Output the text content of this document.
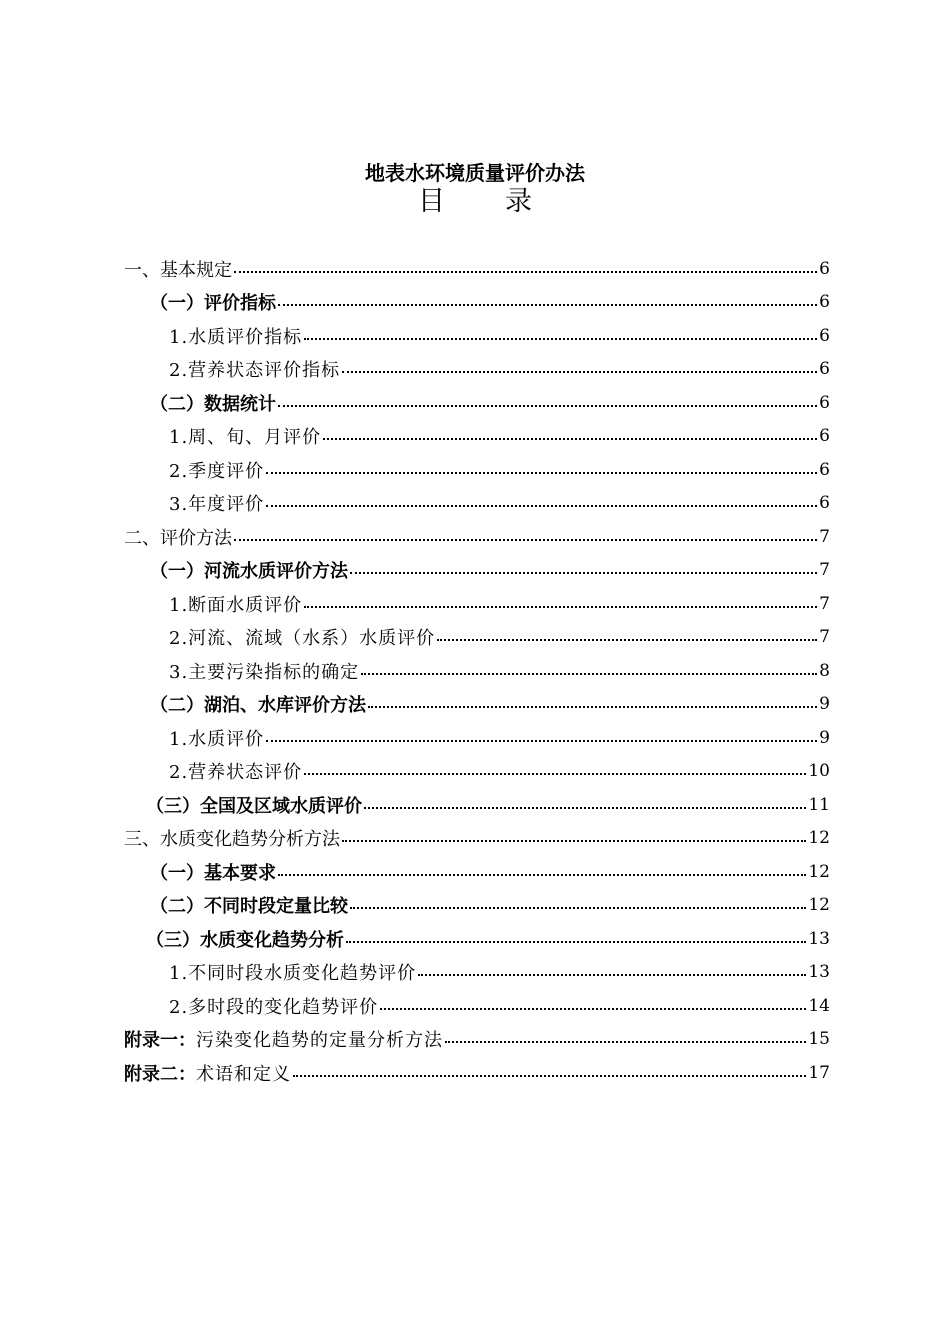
地表水环境质量评价办法
目录
一、基本规定	6
（一）评价指标	6
1.水质评价指标	6
2.营养状态评价指标	6
（二）数据统计	6
1.周、旬、月评价	6
2.季度评价	6
3.年度评价	6
二、评价方法	7
（一）河流水质评价方法	7
1.断面水质评价	7
2.河流、流域（水系）水质评价	7
3.主要污染指标的确定	8
（二）湖泊、水库评价方法	9
1.水质评价	9
2.营养状态评价	10
（三）全国及区域水质评价	11
三、水质变化趋势分析方法	12
（一）基本要求	12
（二）不同时段定量比较	12
（三）水质变化趋势分析	13
1.不同时段水质变化趋势评价	13
2.多时段的变化趋势评价	14
附录一：污染变化趋势的定量分析方法	15
附录二：术语和定义	17
